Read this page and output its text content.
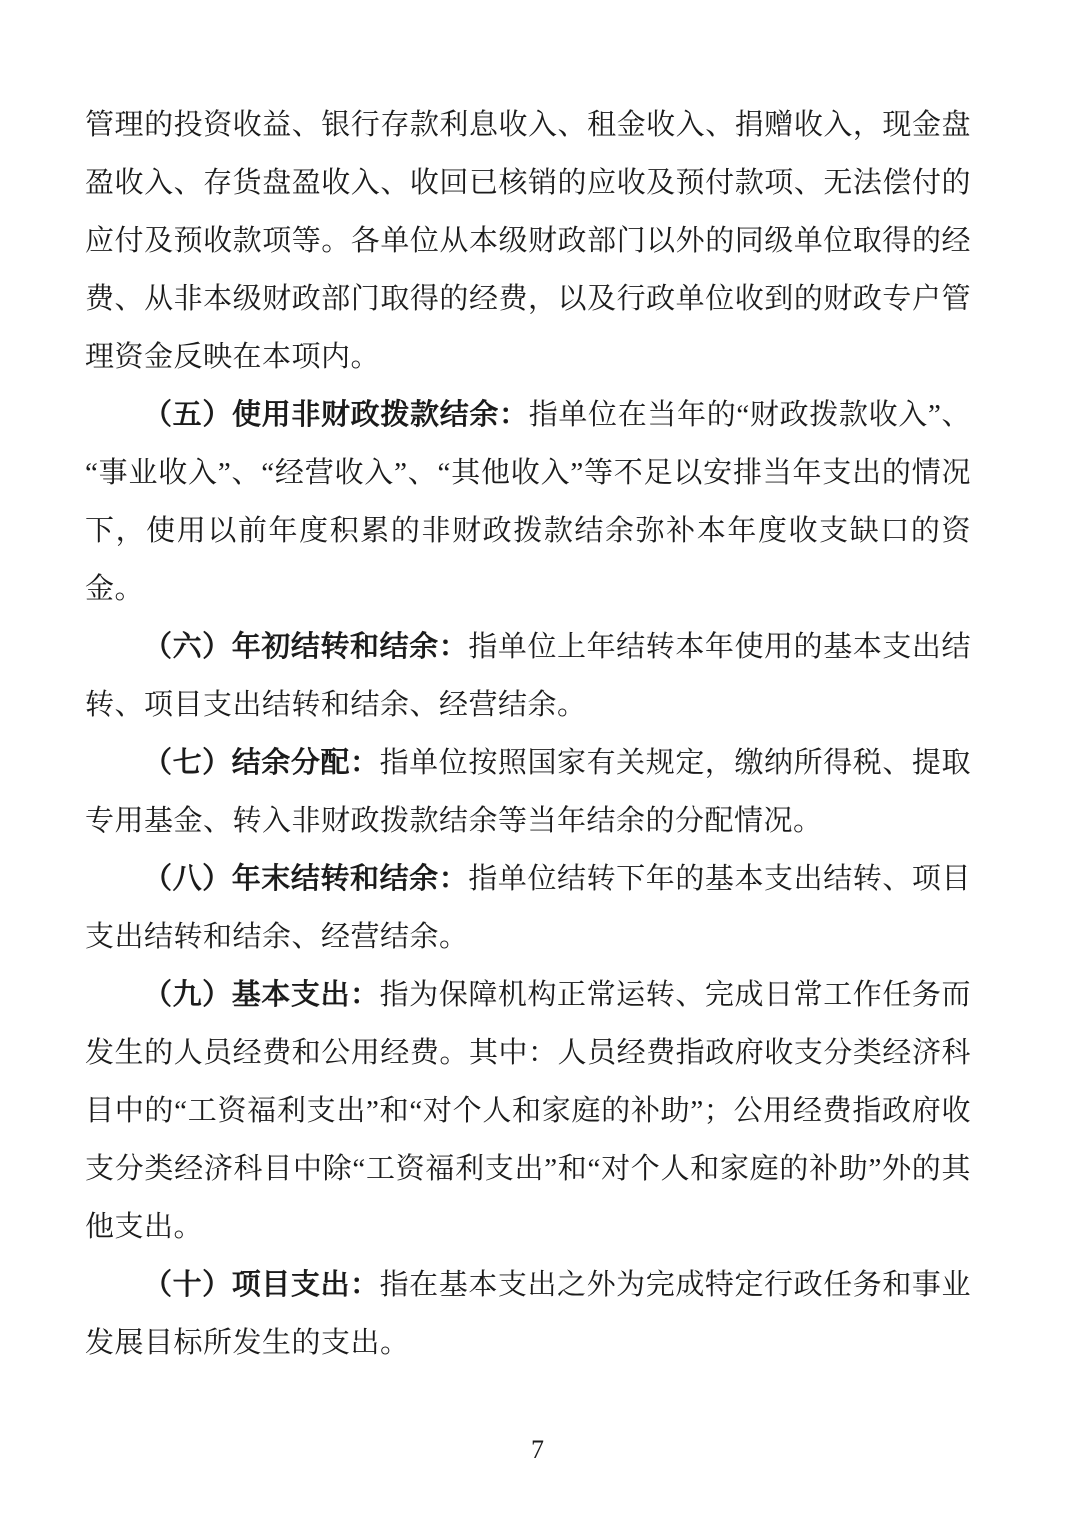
管理的投资收益、银行存款利息收入、租金收入、捐赠收入，现金盘盈收入、存货盘盈收入、收回已核销的应收及预付款项、无法偿付的应付及预收款项等。各单位从本级财政部门以外的同级单位取得的经费、从非本级财政部门取得的经费，以及行政单位收到的财政专户管理资金反映在本项内。

（五）使用非财政拨款结余：指单位在当年的“财政拨款收入”、“事业收入”、“经营收入”、“其他收入”等不足以安排当年支出的情况下，使用以前年度积累的非财政拨款结余弥补本年度收支缺口的资金。

（六）年初结转和结余：指单位上年结转本年使用的基本支出结转、项目支出结转和结余、经营结余。

（七）结余分配：指单位按照国家有关规定，缴纳所得税、提取专用基金、转入非财政拨款结余等当年结余的分配情况。

（八）年末结转和结余：指单位结转下年的基本支出结转、项目支出结转和结余、经营结余。

（九）基本支出：指为保障机构正常运转、完成日常工作任务而发生的人员经费和公用经费。其中：人员经费指政府收支分类经济科目中的“工资福利支出”和“对个人和家庭的补助”；公用经费指政府收支分类经济科目中除“工资福利支出”和“对个人和家庭的补助”外的其他支出。

（十）项目支出：指在基本支出之外为完成特定行政任务和事业发展目标所发生的支出。

7
